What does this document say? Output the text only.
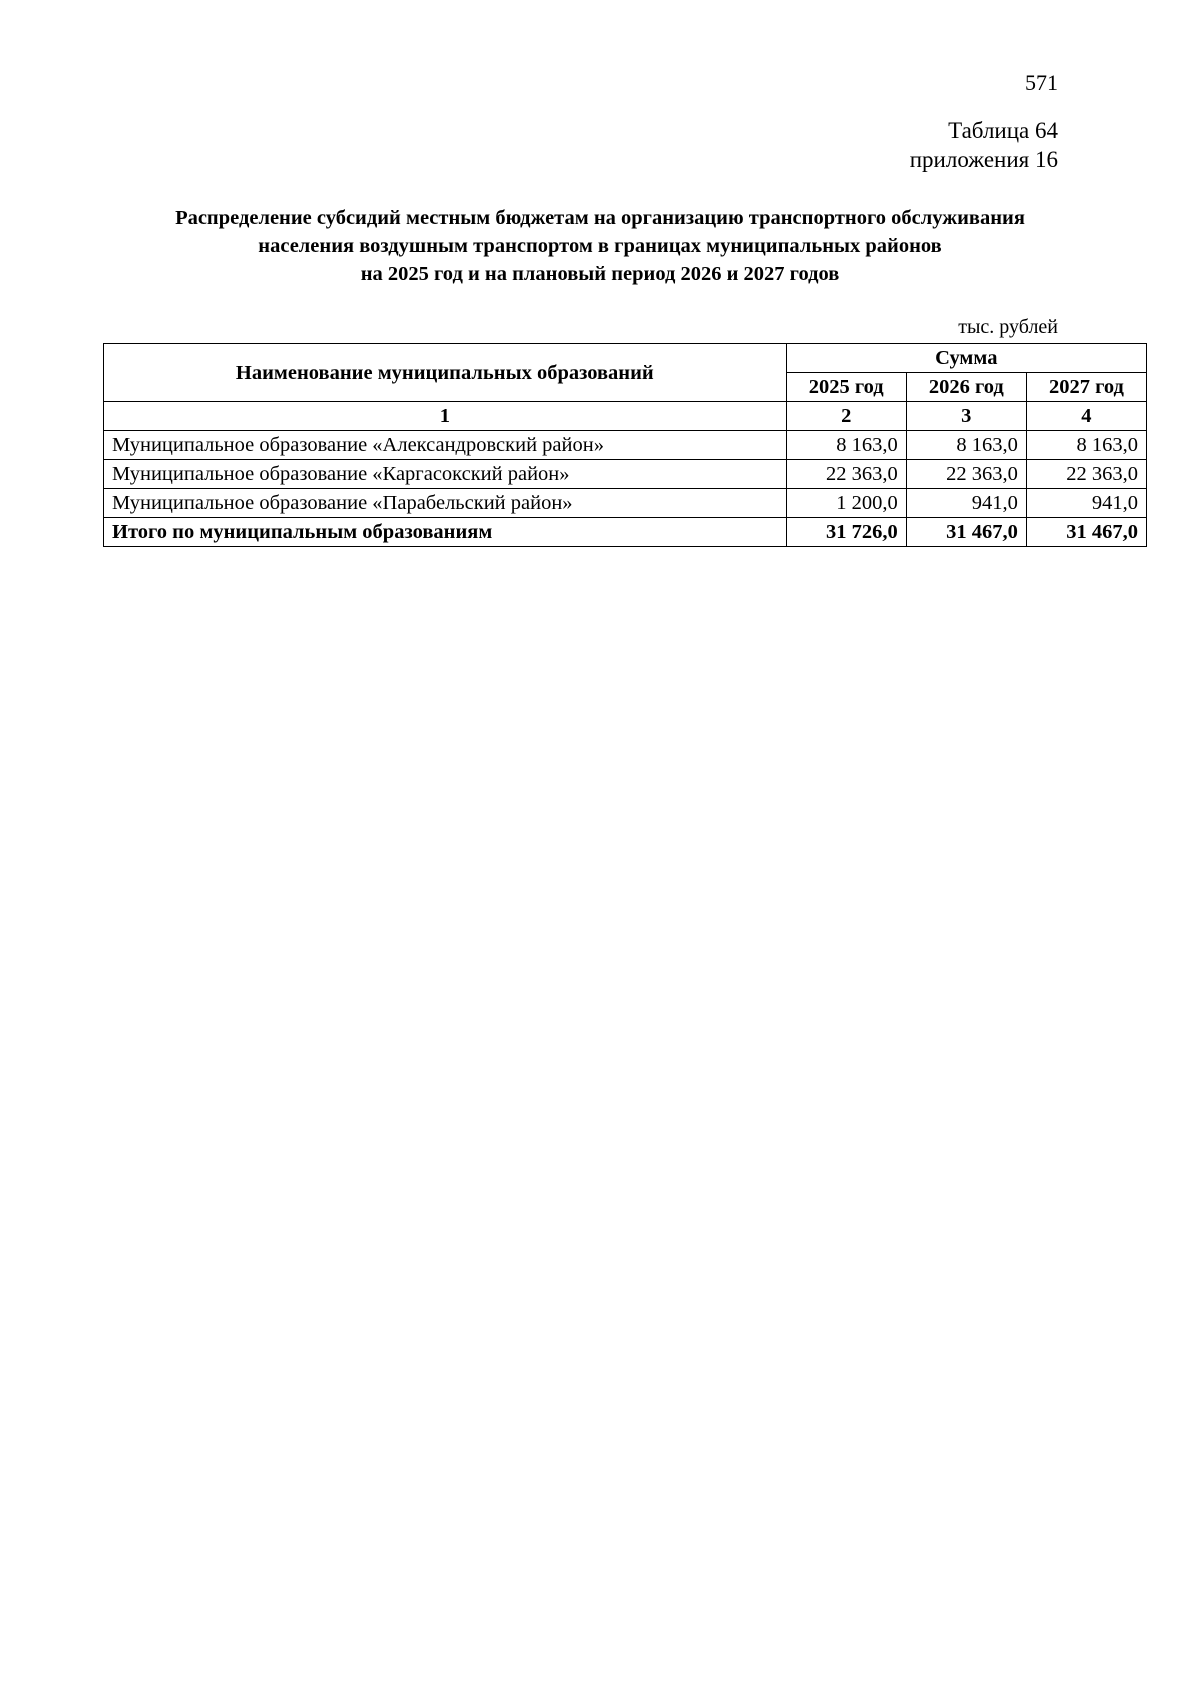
571
Таблица 64
приложения 16
Распределение субсидий местным бюджетам на организацию транспортного обслуживания
населения воздушным транспортом в границах муниципальных районов
на 2025 год и на плановый период 2026 и 2027 годов
тыс. рублей
Наименование муниципальных образований	Сумма		
	2025 год	2026 год	2027 год
1	2	3	4
Муниципальное образование «Александровский район»	8 163,0	8 163,0	8 163,0
Муниципальное образование «Каргасокский район»	22 363,0	22 363,0	22 363,0
Муниципальное образование «Парабельский район»	1 200,0	941,0	941,0
Итого по муниципальным образованиям	31 726,0	31 467,0	31 467,0
